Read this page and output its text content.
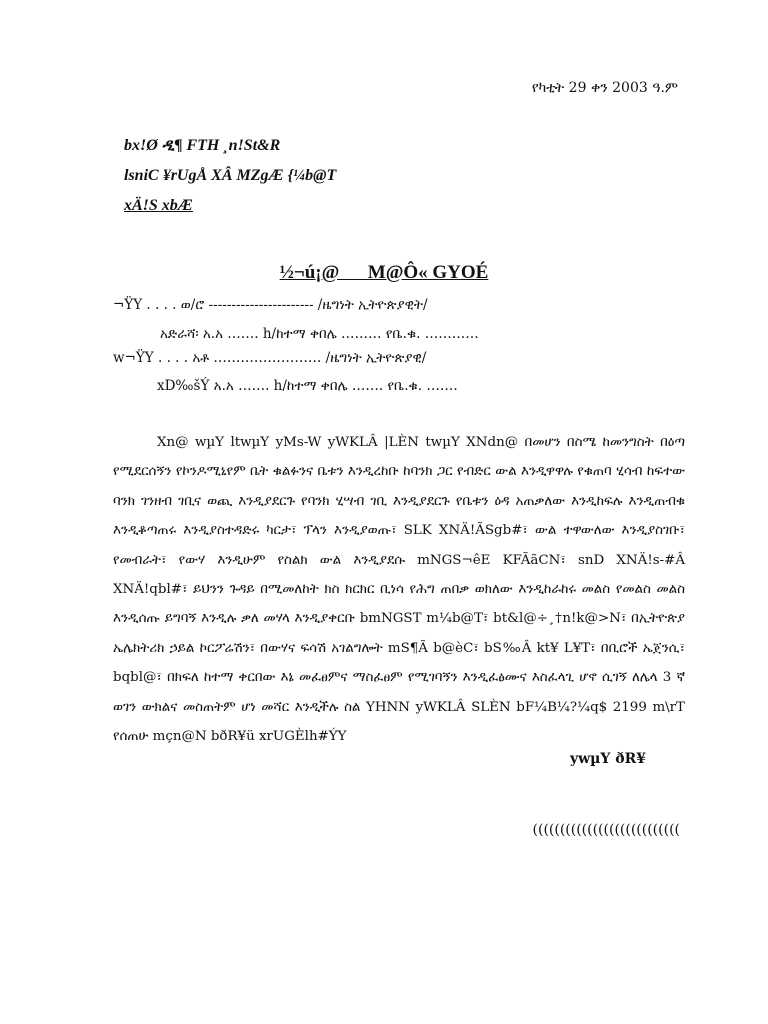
የካቲት 29 ቀን 2003 ዓ.ም
bx!Ø ዲ¶ FTH ¸n!St&R
lsniC ¥rUgÅ XÂ MZgÆ {¼b@T
xÄ!S xbÆ
½¬ú¡@      M@Ô« GYOÉ
¬ŸY . . . . ወ/ሮ ----------------------- /ዜግነት ኢትዮጵያዊት/
አድራሻ፡ አ.አ ……. h/ከተማ ቀበሌ ……… የቤ.ቁ. …………
w¬ŸY . . . . አቶ …………………… /ዜግነት ኢትዮጵያዊ/
xD‰šÝ አ.አ ……. h/ከተማ ቀበሌ ……. የቤ.ቁ. …….
Xn@ wµY ltwµY yMs-W yWKLÂ |LÈN twµY XNdn@ በመሆን በስሜ ከመንግስት በዕጣ የሚደርሰኝን የኮንዶሚኒየም ቤት ቁልፉንና ቤቱን እንዲረከቡ ከባንክ ጋር የብድር ውል እንዲዋዋሉ የቁጠባ ሂሳብ ከፍተው ባንክ ገንዘብ ገቢና ወጪ እንዲያደርጉ የባንክ ሂሣብ ገቢ እንዲያደርጉ የቤቱን ዕዳ አጠቃለው እንዲከፍሉ እንዲጠብቁ እንዲቆጣጠሩ እንዲያስተዳድሩ ካርታ፣ ፕላን እንዲያወጡ፣ SLK XNÄ!ÃSgb#፣ ውል ተዋውለው እንዲያስገቡ፣ የመብራት፣ የውሃ እንዲሁም የስልክ ውል እንዲያደሱ mNGS¬êE KFÃãCN፣ snD XNÄ!s-#Â XNÄ!qbl#፣ ይህንን ጉዳይ በሚመለከት ክስ ክርክር ቢነሳ የሕግ ጠበቃ ወክለው እንዲከራከሩ መልስ የመልስ መልስ እንዲሰጡ ይግባኝ እንዲሉ ቃለ መሃላ እንዲያቀርቡ bmNGST m¼b@T፣ bt&l@÷¸†n!k@>N፣ በኢትዮጵያ ኤሌክትሪክ ኃይል ኮርፖሬሽን፣ በውሃና ፍሳሽ አገልግሎት mS¶Ã b@èC፣ bS‰Â kt¥ L¥T፣ በቢሮች ኤጀንሲ፣ bqbl@፣ በክፍለ ከተማ ቀርበው እኔ መፈፀምና ማስፈፀም የሚገባኝን እንዲፈፅሙና እስፈላጊ ሆኖ ሲገኝ ለሌላ 3 ኛ ወገን ውክልና መስጠትም ሆነ መሻር እንዲችሉ ስል YHNN yWKLÂ SLÈN bF¼B¼?¼q$ 2199 m\rT የሰጠሁ mçn@N bðR¥ü xrUGÈlh#ÝY
ywµY ðR¥
(((((((((((((((((((((((((((
